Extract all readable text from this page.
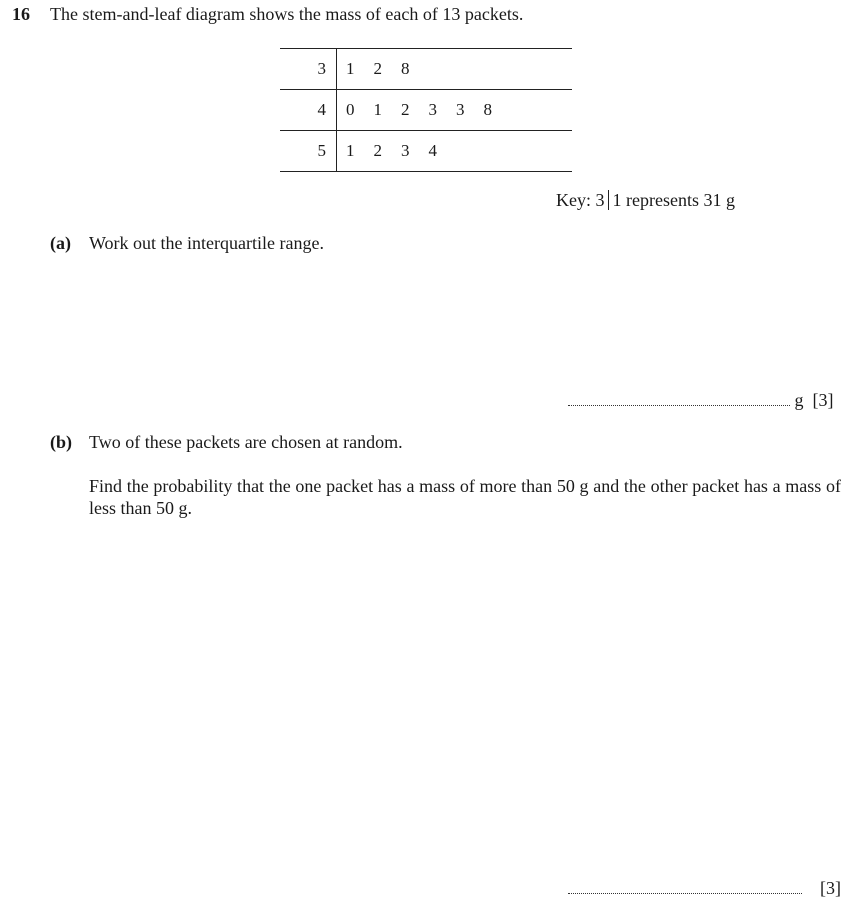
16 The stem-and-leaf diagram shows the mass of each of 13 packets.
3	1 2 8
4	0 1 2 3 3 8
5	1 2 3 4
Key: 3 1 represents 31 g
(a) Work out the interquartile range.
g [3]
(b) Two of these packets are chosen at random.
Find the probability that the one packet has a mass of more than 50 g and the other packet has a mass of less than 50 g.
[3]
